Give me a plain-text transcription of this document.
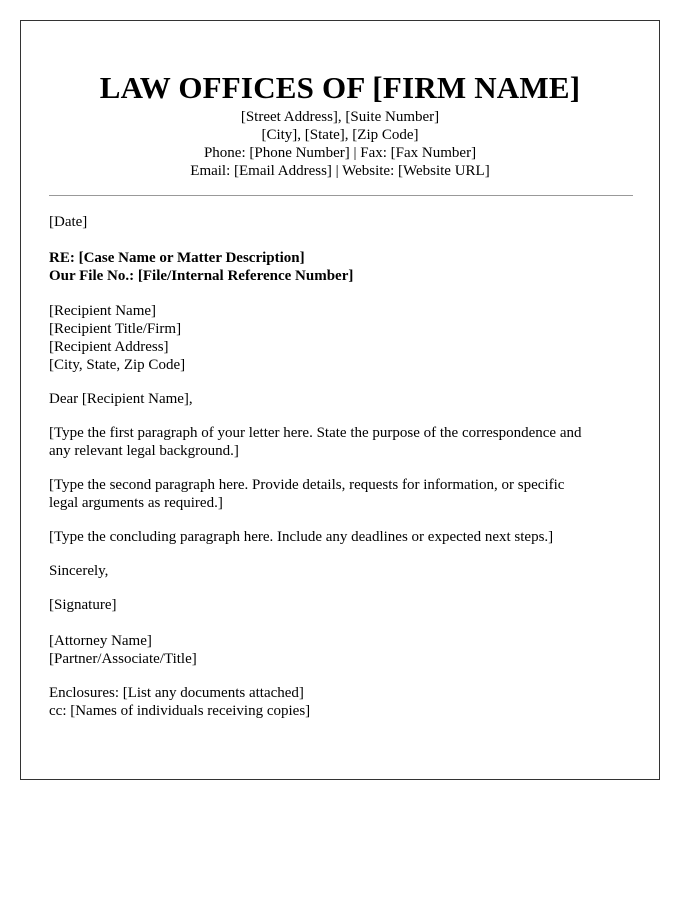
LAW OFFICES OF [FIRM NAME]
[Street Address], [Suite Number]
[City], [State], [Zip Code]
Phone: [Phone Number] | Fax: [Fax Number]
Email: [Email Address] | Website: [Website URL]
[Date]
RE: [Case Name or Matter Description]
Our File No.: [File/Internal Reference Number]
[Recipient Name]
[Recipient Title/Firm]
[Recipient Address]
[City, State, Zip Code]
Dear [Recipient Name],
[Type the first paragraph of your letter here. State the purpose of the correspondence and
any relevant legal background.]
[Type the second paragraph here. Provide details, requests for information, or specific
legal arguments as required.]
[Type the concluding paragraph here. Include any deadlines or expected next steps.]
Sincerely,
[Signature]
[Attorney Name]
[Partner/Associate/Title]
Enclosures: [List any documents attached]
cc: [Names of individuals receiving copies]
